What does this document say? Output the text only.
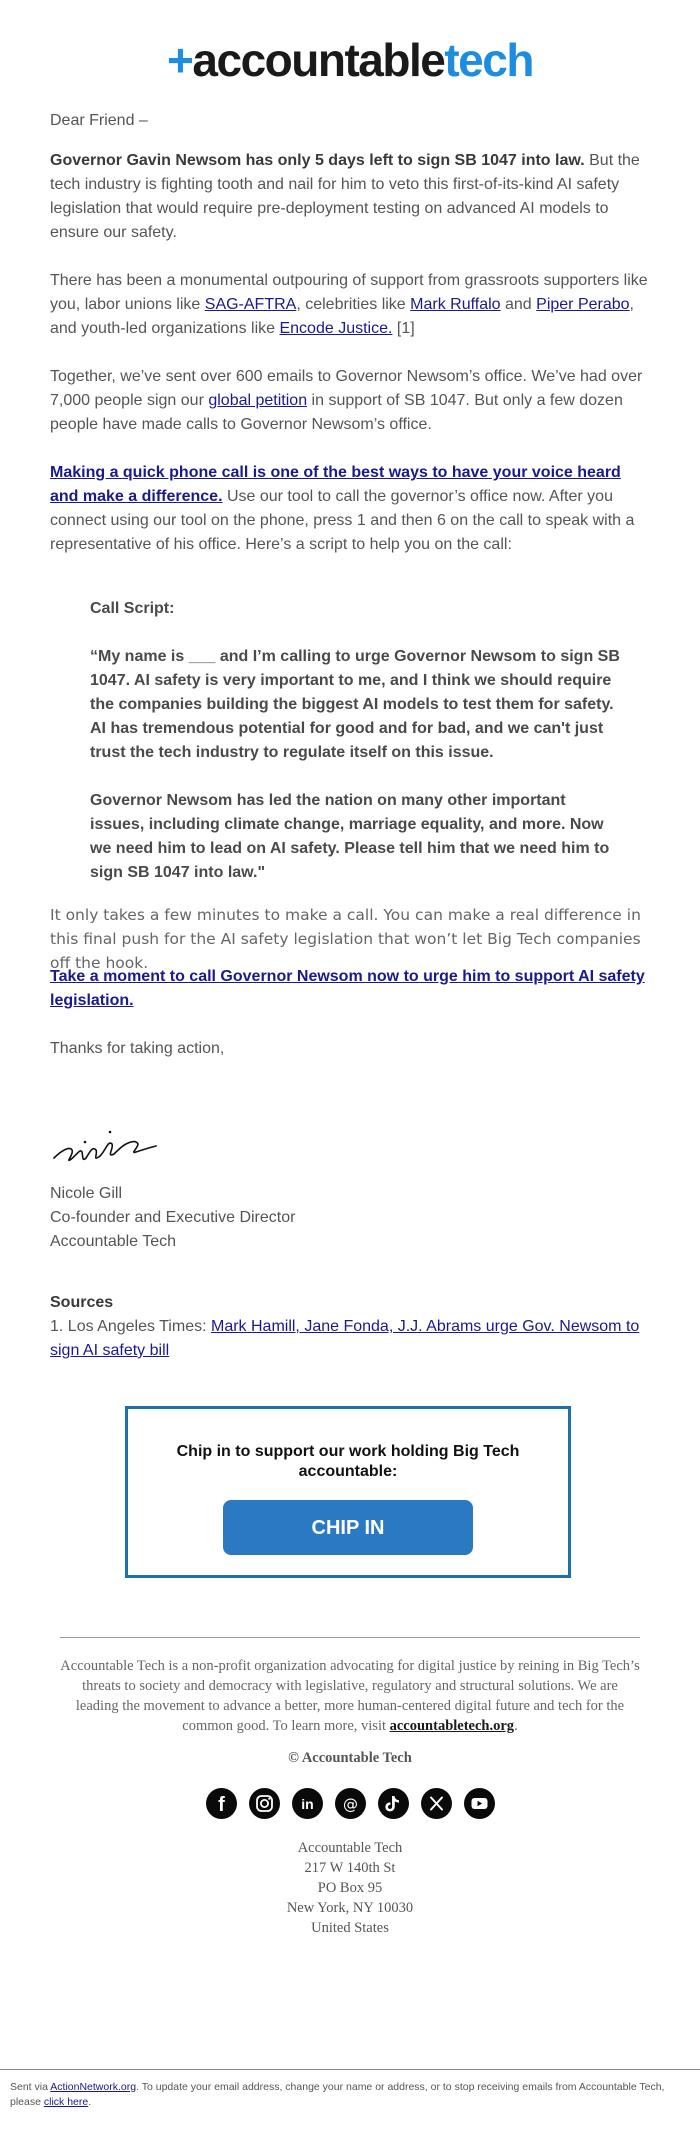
+accountabletech

Dear Friend –

Governor Gavin Newsom has only 5 days left to sign SB 1047 into law. But the tech industry is fighting tooth and nail for him to veto this first-of-its-kind AI safety legislation that would require pre-deployment testing on advanced AI models to ensure our safety.

There has been a monumental outpouring of support from grassroots supporters like you, labor unions like SAG-AFTRA, celebrities like Mark Ruffalo and Piper Perabo, and youth-led organizations like Encode Justice. [1]

Together, we’ve sent over 600 emails to Governor Newsom’s office. We’ve had over 7,000 people sign our global petition in support of SB 1047. But only a few dozen people have made calls to Governor Newsom’s office.

Making a quick phone call is one of the best ways to have your voice heard and make a difference. Use our tool to call the governor’s office now. After you connect using our tool on the phone, press 1 and then 6 on the call to speak with a representative of his office. Here’s a script to help you on the call:

Call Script:

“My name is ___ and I’m calling to urge Governor Newsom to sign SB 1047. AI safety is very important to me, and I think we should require the companies building the biggest AI models to test them for safety. AI has tremendous potential for good and for bad, and we can't just trust the tech industry to regulate itself on this issue.

Governor Newsom has led the nation on many other important issues, including climate change, marriage equality, and more. Now we need him to lead on AI safety. Please tell him that we need him to sign SB 1047 into law."

It only takes a few minutes to make a call. You can make a real difference in this final push for the AI safety legislation that won’t let Big Tech companies off the hook.

Take a moment to call Governor Newsom now to urge him to support AI safety legislation.

Thanks for taking action,

Nicole Gill

Co-founder and Executive Director

Accountable Tech

Sources

1. Los Angeles Times: Mark Hamill, Jane Fonda, J.J. Abrams urge Gov. Newsom to sign AI safety bill

Chip in to support our work holding Big Tech accountable:
CHIP IN
Accountable Tech is a non-profit organization advocating for digital justice by reining in Big Tech’s threats to society and democracy with legislative, regulatory and structural solutions. We are leading the movement to advance a better, more human-centered digital future and tech for the common good. To learn more, visit accountabletech.org.
© Accountable Tech
f	in @
Accountable Tech
217 W 140th St
PO Box 95
New York, NY 10030
United States
Sent via ActionNetwork.org. To update your email address, change your name or address, or to stop receiving emails from Accountable Tech, please click here.
